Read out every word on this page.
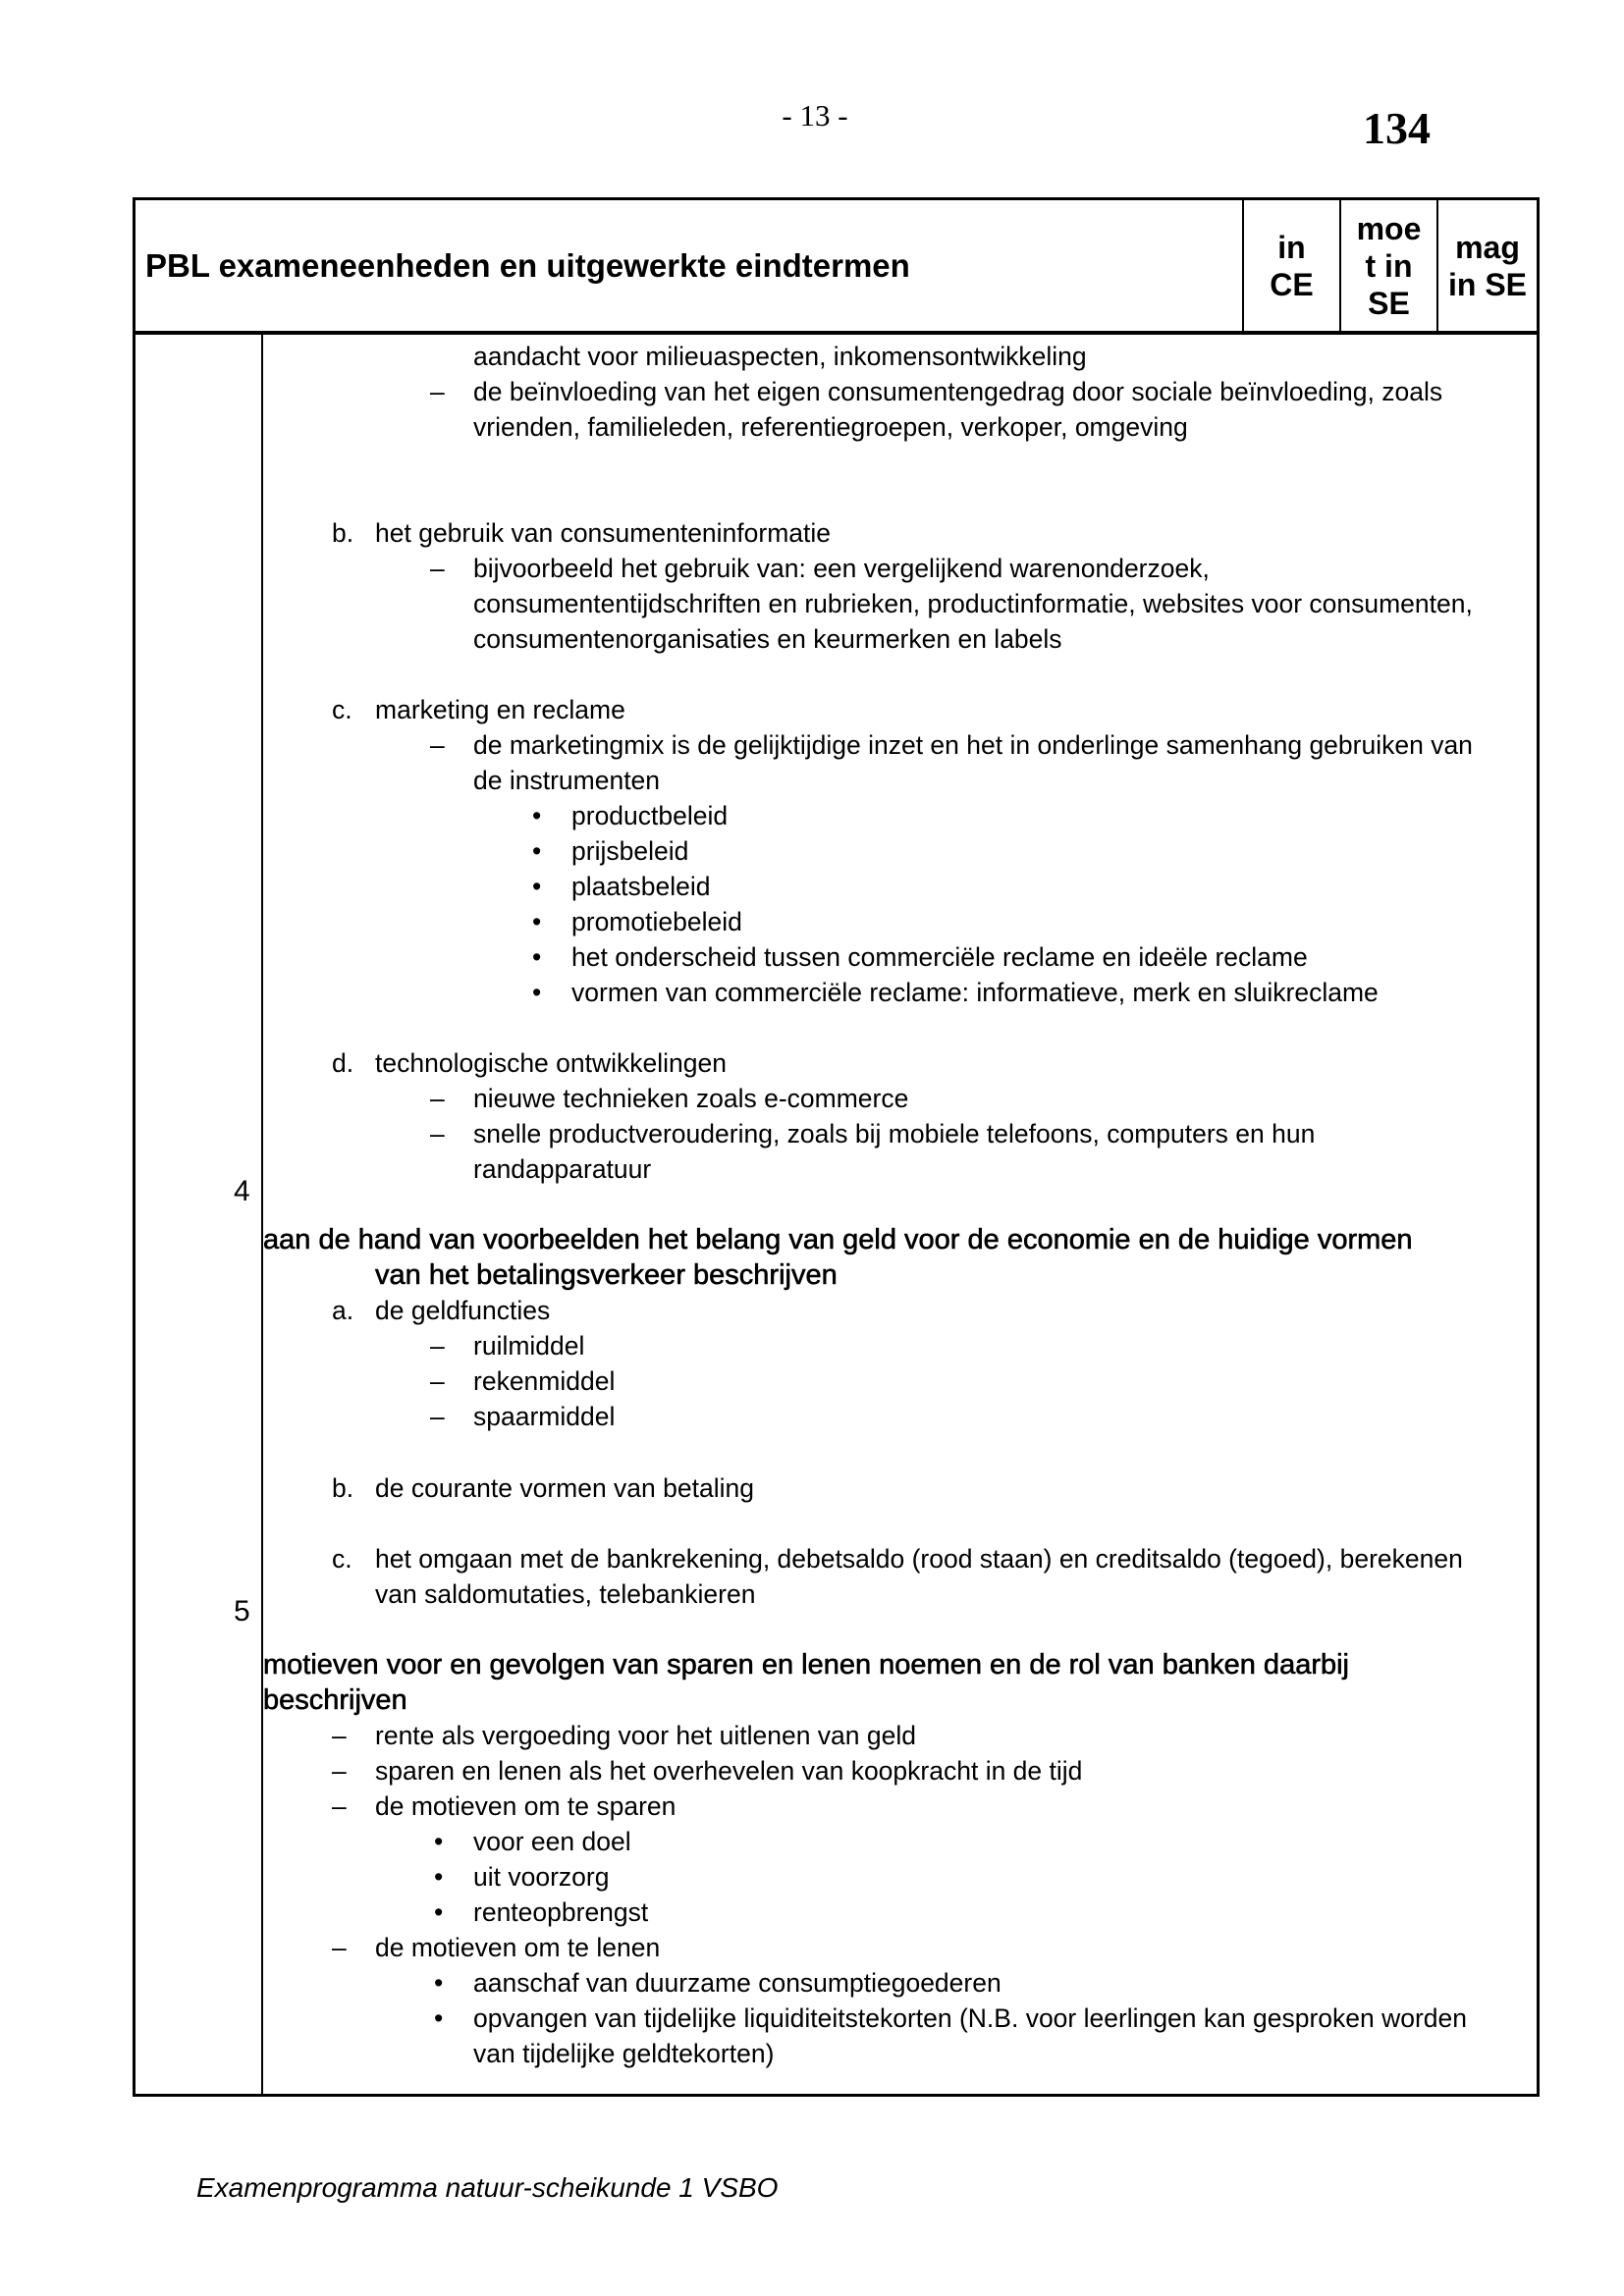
- 13 -	134
PBL exameneenheden en uitgewerkte eindtermen
in CE
moe t in SE
mag in SE
4
5
aandacht voor milieuaspecten, inkomensontwikkeling
– de beïnvloeding van het eigen consumentengedrag door sociale beïnvloeding, zoals
vrienden, familieleden, referentiegroepen, verkoper, omgeving
b. het gebruik van consumenteninformatie
– bijvoorbeeld het gebruik van: een vergelijkend warenonderzoek,
consumententijdschriften en rubrieken, productinformatie, websites voor consumenten,
consumentenorganisaties en keurmerken en labels
c. marketing en reclame
– de marketingmix is de gelijktijdige inzet en het in onderlinge samenhang gebruiken van
de instrumenten
• productbeleid
• prijsbeleid
• plaatsbeleid
• promotiebeleid
• het onderscheid tussen commerciële reclame en ideële reclame
• vormen van commerciële reclame: informatieve, merk en sluikreclame
d. technologische ontwikkelingen
– nieuwe technieken zoals e-commerce
– snelle productveroudering, zoals bij mobiele telefoons, computers en hun
randapparatuur
aan de hand van voorbeelden het belang van geld voor de economie en de huidige vormen
van het betalingsverkeer beschrijven
a. de geldfuncties
– ruilmiddel
– rekenmiddel
– spaarmiddel
b. de courante vormen van betaling
c. het omgaan met de bankrekening, debetsaldo (rood staan) en creditsaldo (tegoed), berekenen
van saldomutaties, telebankieren
motieven voor en gevolgen van sparen en lenen noemen en de rol van banken daarbij
beschrijven
– rente als vergoeding voor het uitlenen van geld
– sparen en lenen als het overhevelen van koopkracht in de tijd
– de motieven om te sparen
• voor een doel
• uit voorzorg
• renteopbrengst
– de motieven om te lenen
• aanschaf van duurzame consumptiegoederen
• opvangen van tijdelijke liquiditeitstekorten (N.B. voor leerlingen kan gesproken worden
van tijdelijke geldtekorten)
Examenprogramma natuur-scheikunde 1 VSBO
